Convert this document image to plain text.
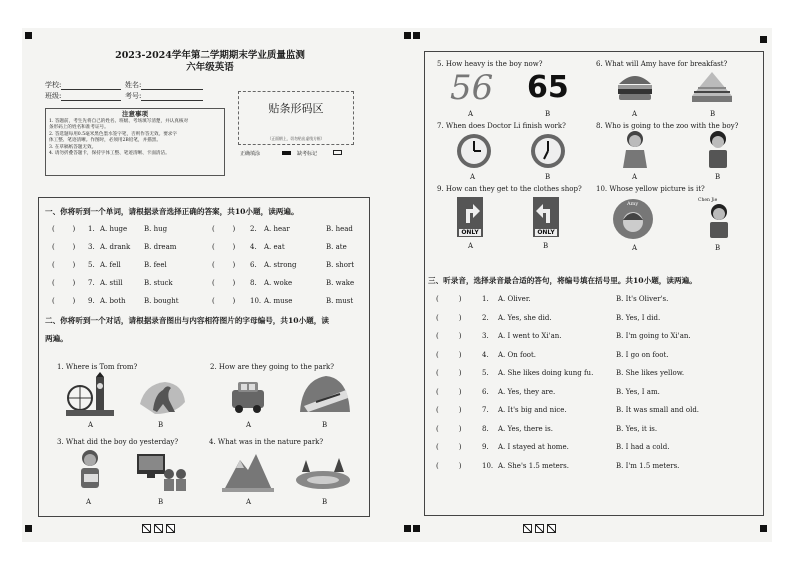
2023-2024学年第二学期期末学业质量监测
六年级英语
学校:	姓名:
班级:	考号:
注意事项
1. 答题前，考生先将自己的姓名、班级、考场填写清楚，并认真核对
条形码上的姓名和准考证号。
2. 答选题每用0.5毫米黑色墨水签字笔，否则作答无效。要求字
体工整、笔迹清晰。作图时，必须用2B铅笔，并描黑。
3. 在草稿纸答题无效。
4. 请勿折叠答题卡，保持字体工整、笔迹清晰、卡面清洁。
贴条形码区
（正面朝上，切勿贴出虚线方框）
正确填涂	缺考标记
一、你将听到一个单词，请根据录音选择正确的答案，共10小题，读两遍。
(        ) 1. A. huge B. hug	(        ) 2. A. hear	B. head
(        ) 3. A. drank B. dream	(        ) 4. A. eat	B. ate
(        ) 5. A. fell	B. feel	(        ) 6. A. strong	B. short
(        ) 7. A. still	B. stuck	(        ) 8. A. woke	B. wake
(        ) 9. A. both	B. bought	(        ) 10. A. muse	B. must
二、你将听到一个对话，请根据录音图出与内容相符图片的字母编号，共10小题，读
两遍。
1. Where is Tom from?
A	B
2. How are they going to the park?
A	B
3. What did the boy do yesterday?
A	B
4. What was in the nature park?
A	B
5. How heavy is the boy now?
56 65
A	B
6. What will Amy have for breakfast?
A	B
7. When does Doctor Li finish work?
A	B
8. Who is going to the zoo with the boy?
A	B
9. How can they get to the clothes shop?
ONLY
A
ONLY
B
10. Whose yellow picture is it?
Amy
A
Chen Jie
B
三、听录音，选择录音最合适的答句，将编号填在括号里。共10小题，读两遍。
(         )	1. A. Oliver.	B. It's Oliver's.
(         )	2. A. Yes, she did.	B. Yes, I did.
(         )	3. A. I went to Xi'an.	B. I'm going to Xi'an.
(         )	4. A. On foot.	B. I go on foot.
(         )	5. A. She likes doing kung fu.	B. She likes yellow.
(         )	6. A. Yes, they are.	B. Yes, I am.
(         )	7. A. It's big and nice.	B. It was small and old.
(         )	8. A. Yes, there is.	B. Yes, it is.
(         )	9. A. I stayed at home.	B. I had a cold.
(         )	10. A. She's 1.5 meters.	B. I'm 1.5 meters.
